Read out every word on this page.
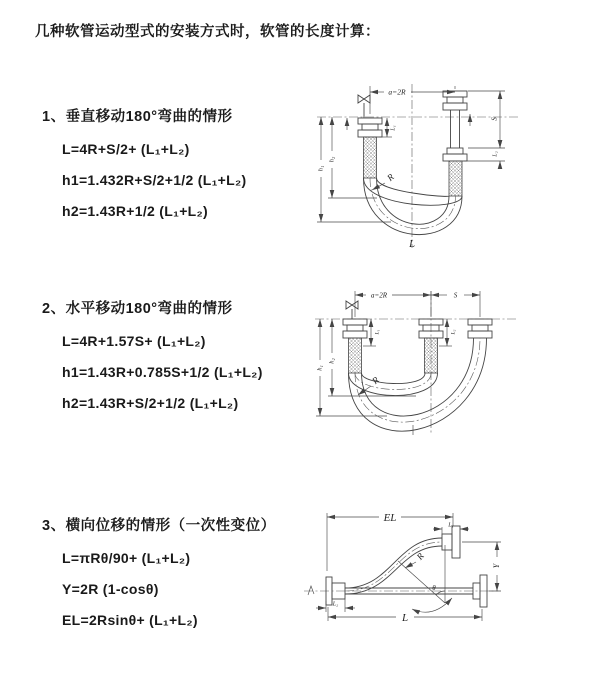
几种软管运动型式的安装方式时，软管的长度计算：
1、垂直移动180°弯曲的情形
L=4R+S/2+ (L₁+L₂)
h1=1.432R+S/2+1/2 (L₁+L₂)
h2=1.43R+1/2 (L₁+L₂)
2、水平移动180°弯曲的情形
L=4R+1.57S+ (L₁+L₂)
h1=1.43R+0.785S+1/2 (L₁+L₂)
h2=1.43R+S/2+1/2 (L₁+L₂)
3、横向位移的情形（一次性变位）
L=πRθ/90+ (L₁+L₂)
Y=2R (1-cosθ)
EL=2Rsinθ+ (L₁+L₂)
a=2R
L₁
S
L₂
h₂
h₁
R
L
a=2R	S
L₁	L₂
h₂
h₁
R
EL
L₁
Y
L
L₂
θ
R
